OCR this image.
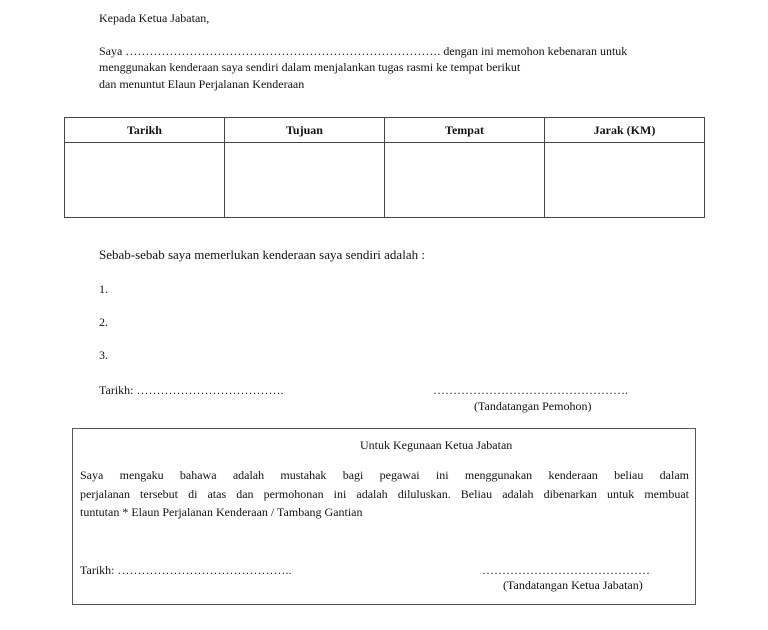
Kepada Ketua Jabatan,
Saya ……………………………………………………………………. dengan ini memohon kebenaran untuk
menggunakan kenderaan saya sendiri dalam menjalankan tugas rasmi ke tempat berikut
dan menuntut Elaun Perjalanan Kenderaan
Tarikh	Tujuan	Tempat	Jarak (KM)

Sebab-sebab saya memerlukan kenderaan saya sendiri adalah :
1.
2.
3.
Tarikh: ……………………………….	………………………………………….
(Tandatangan Pemohon)
Untuk Kegunaan Ketua Jabatan
Saya mengaku bahawa adalah mustahak bagi pegawai ini menggunakan kenderaan beliau dalam
perjalanan tersebut di atas dan permohonan ini adalah diluluskan. Beliau adalah dibenarkan untuk membuat
tuntutan * Elaun Perjalanan Kenderaan / Tambang Gantian
Tarikh: ……………………………………..	……………………………………
(Tandatangan Ketua Jabatan)
